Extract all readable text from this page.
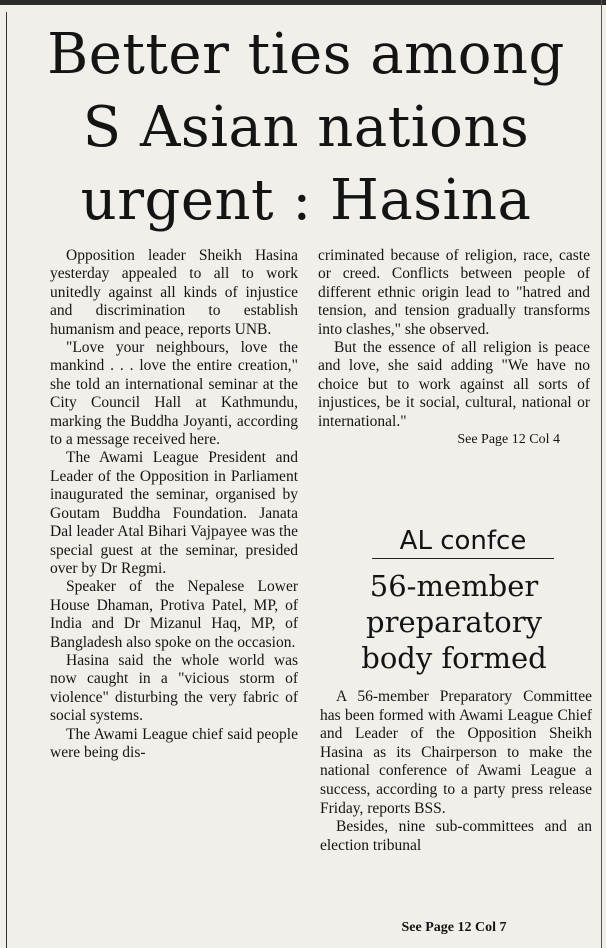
Better ties among
S Asian nations
urgent : Hasina

Opposition leader Sheikh Hasina yesterday appealed to all to work unitedly against all kinds of injustice and discrimination to establish humanism and peace, reports UNB.

"Love your neighbours, love the mankind . . . love the entire creation," she told an international seminar at the City Council Hall at Kathmundu, marking the Buddha Joyanti, according to a message received here.

The Awami League President and Leader of the Opposition in Parliament inaugurated the seminar, organised by Goutam Buddha Foundation. Janata Dal leader Atal Bihari Vajpayee was the special guest at the seminar, presided over by Dr Regmi.

Speaker of the Nepalese Lower House Dhaman, Protiva Patel, MP, of India and Dr Mizanul Haq, MP, of Bangladesh also spoke on the occasion.

Hasina said the whole world was now caught in a "vicious storm of violence" disturbing the very fabric of social systems.

The Awami League chief said people were being dis-

criminated because of religion, race, caste or creed. Conflicts between people of different ethnic origin lead to "hatred and tension, and tension gradually transforms into clashes," she observed.

But the essence of all religion is peace and love, she said adding "We have no choice but to work against all sorts of injustices, be it social, cultural, national or international."

See Page 12 Col 4

AL confce
56-member
preparatory
body formed

A 56-member Preparatory Committee has been formed with Awami League Chief and Leader of the Opposition Sheikh Hasina as its Chairperson to make the national conference of Awami League a success, according to a party press release Friday, reports BSS.

Besides, nine sub-committees and an election tribunal

See Page 12 Col 7
